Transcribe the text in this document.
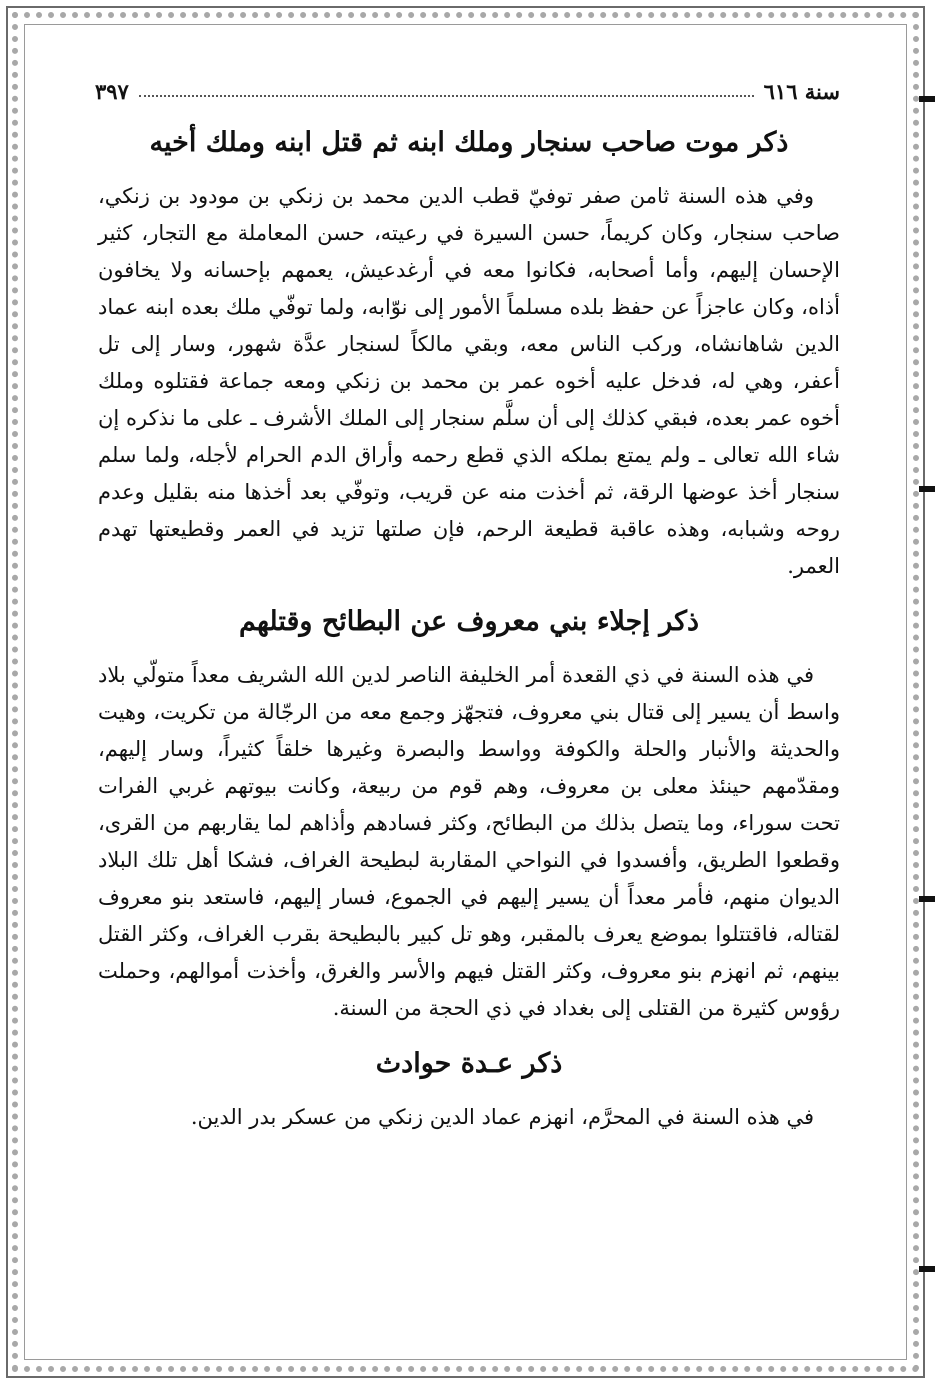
سنة ٦١٦
٣٩٧
ذكر موت صاحب سنجار وملك ابنه ثم قتل ابنه وملك أخيه

وفي هذه السنة ثامن صفر توفيّ قطب الدين محمد بن زنكي بن مودود بن زنكي، صاحب سنجار، وكان كريماً، حسن السيرة في رعيته، حسن المعاملة مع التجار، كثير الإحسان إليهم، وأما أصحابه، فكانوا معه في أرغدعيش، يعمهم بإحسانه ولا يخافون أذاه، وكان عاجزاً عن حفظ بلده مسلماً الأمور إلى نوّابه، ولما توفّي ملك بعده ابنه عماد الدين شاهانشاه، وركب الناس معه، وبقي مالكاً لسنجار عدَّة شهور، وسار إلى تل أعفر، وهي له، فدخل عليه أخوه عمر بن محمد بن زنكي ومعه جماعة فقتلوه وملك أخوه عمر بعده، فبقي كذلك إلى أن سلَّم سنجار إلى الملك الأشرف ـ على ما نذكره إن شاء الله تعالى ـ ولم يمتع بملكه الذي قطع رحمه وأراق الدم الحرام لأجله، ولما سلم سنجار أخذ عوضها الرقة، ثم أخذت منه عن قريب، وتوفّي بعد أخذها منه بقليل وعدم روحه وشبابه، وهذه عاقبة قطيعة الرحم، فإن صلتها تزيد في العمر وقطيعتها تهدم العمر.

ذكر إجلاء بني معروف عن البطائح وقتلهم

في هذه السنة في ذي القعدة أمر الخليفة الناصر لدين الله الشريف معداً متولّي بلاد واسط أن يسير إلى قتال بني معروف، فتجهّز وجمع معه من الرجّالة من تكريت، وهيت والحديثة والأنبار والحلة والكوفة وواسط والبصرة وغيرها خلقاً كثيراً، وسار إليهم، ومقدّمهم حينئذ معلى بن معروف، وهم قوم من ربيعة، وكانت بيوتهم غربي الفرات تحت سوراء، وما يتصل بذلك من البطائح، وكثر فسادهم وأذاهم لما يقاربهم من القرى، وقطعوا الطريق، وأفسدوا في النواحي المقاربة لبطيحة الغراف، فشكا أهل تلك البلاد الديوان منهم، فأمر معداً أن يسير إليهم في الجموع، فسار إليهم، فاستعد بنو معروف لقتاله، فاقتتلوا بموضع يعرف بالمقبر، وهو تل كبير بالبطيحة بقرب الغراف، وكثر القتل بينهم، ثم انهزم بنو معروف، وكثر القتل فيهم والأسر والغرق، وأخذت أموالهم، وحملت رؤوس كثيرة من القتلى إلى بغداد في ذي الحجة من السنة.

ذكر عـدة حوادث

في هذه السنة في المحرَّم، انهزم عماد الدين زنكي من عسكر بدر الدين.
